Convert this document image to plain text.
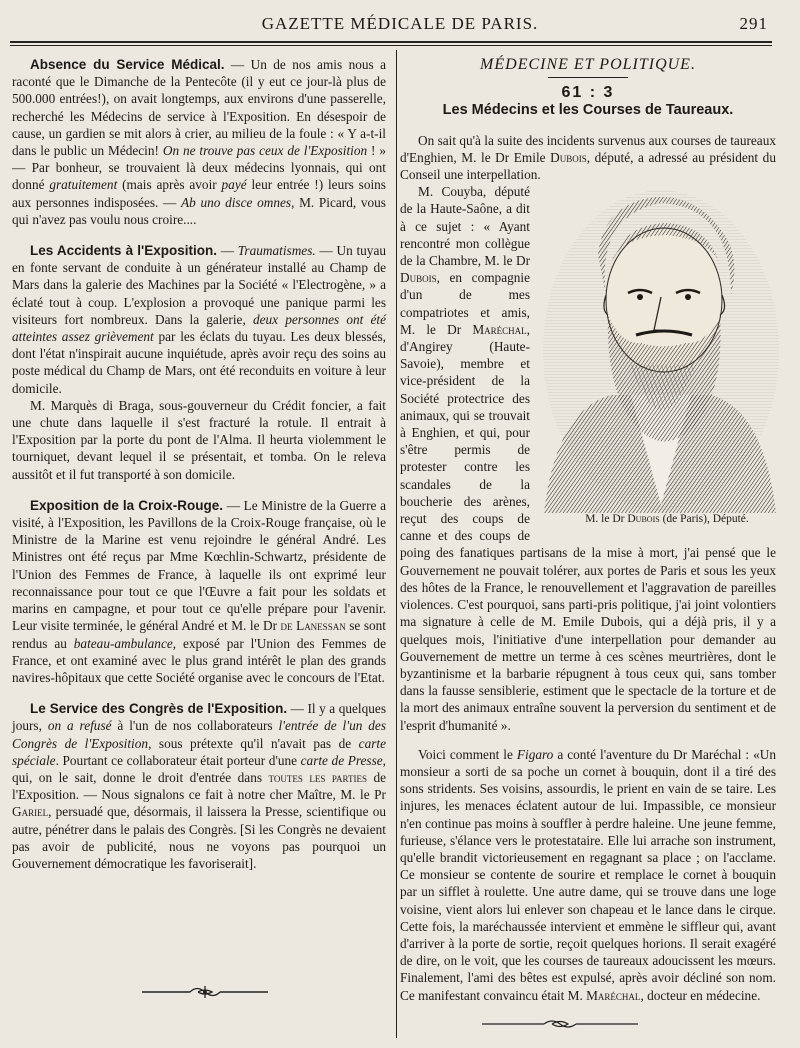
GAZETTE MÉDICALE DE PARIS.	291

Absence du Service Médical. — Un de nos amis nous a raconté que le Dimanche de la Pentecôte (il y eut ce jour-là plus de 500.000 entrées!), on avait longtemps, aux environs d'une passerelle, recherché les Médecins de service à l'Exposition. En désespoir de cause, un gardien se mit alors à crier, au milieu de la foule : « Y a-t-il dans le public un Médecin! On ne trouve pas ceux de l'Exposition ! » — Par bonheur, se trouvaient là deux médecins lyonnais, qui ont donné gratuitement (mais après avoir payé leur entrée !) leurs soins aux personnes indisposées. — Ab uno disce omnes, M. Picard, vous qui n'avez pas voulu nous croire....

Les Accidents à l'Exposition. — Traumatismes. — Un tuyau en fonte servant de conduite à un générateur installé au Champ de Mars dans la galerie des Machines par la Société « l'Electrogène, » a éclaté tout à coup. L'explosion a provoqué une panique parmi les visiteurs fort nombreux. Dans la galerie, deux personnes ont été atteintes assez grièvement par les éclats du tuyau. Les deux blessés, dont l'état n'inspirait aucune inquiétude, après avoir reçu des soins au poste médical du Champ de Mars, ont été reconduits en voiture à leur domicile.

M. Marquès di Braga, sous-gouverneur du Crédit foncier, a fait une chute dans laquelle il s'est fracturé la rotule. Il entrait à l'Exposition par la porte du pont de l'Alma. Il heurta violemment le tourniquet, devant lequel il se présentait, et tomba. On le releva aussitôt et il fut transporté à son domicile.

Exposition de la Croix-Rouge. — Le Ministre de la Guerre a visité, à l'Exposition, les Pavillons de la Croix-Rouge française, où le Ministre de la Marine est venu rejoindre le général André. Les Ministres ont été reçus par Mme Kœchlin-Schwartz, présidente de l'Union des Femmes de France, à laquelle ils ont exprimé leur reconnaissance pour tout ce que l'Œuvre a fait pour les soldats et marins en campagne, et pour tout ce qu'elle prépare pour l'avenir. Leur visite terminée, le général André et M. le Dr de Lanessan se sont rendus au bateau-ambulance, exposé par l'Union des Femmes de France, et ont examiné avec le plus grand intérêt le plan des grands navires-hôpitaux que cette Société organise avec le concours de l'Etat.

Le Service des Congrès de l'Exposition. — Il y a quelques jours, on a refusé à l'un de nos collaborateurs l'entrée de l'un des Congrès de l'Exposition, sous prétexte qu'il n'avait pas de carte spéciale. Pourtant ce collaborateur était porteur d'une carte de Presse, qui, on le sait, donne le droit d'entrée dans toutes les parties de l'Exposition. — Nous signalons ce fait à notre cher Maître, M. le Pr Gariel, persuadé que, désormais, il laissera la Presse, scientifique ou autre, pénétrer dans le palais des Congrès. [Si les Congrès ne devaient pas avoir de publicité, nous ne voyons pas pourquoi un Gouvernement démocratique les favoriserait].

MÉDECINE ET POLITIQUE.
61 : 3
Les Médecins et les Courses de Taureaux.

On sait qu'à la suite des incidents survenus aux courses de taureaux d'Enghien, M. le Dr Emile Dubois, député, a adressé au président du Conseil une interpellation.

M. le Dr Dubois (de Paris), Député.
M. Couyba, député de la Haute-Saône, a dit à ce sujet : « Ayant rencontré mon collègue de la Chambre, M. le Dr Dubois, en compagnie d'un de mes compatriotes et amis, M. le Dr Maréchal, d'Angirey (Haute-Savoie), membre et vice-président de la Société protectrice des animaux, qui se trouvait à Enghien, et qui, pour s'être permis de protester contre les scandales de la boucherie des arènes, reçut des coups de canne et des coups de poing des fanatiques partisans de la mise à mort, j'ai pensé que le Gouvernement ne pouvait tolérer, aux portes de Paris et sous les yeux des hôtes de la France, le renouvellement et l'aggravation de pareilles violences. C'est pourquoi, sans parti-pris politique, j'ai joint volontiers ma signature à celle de M. Emile Dubois, qui a déjà pris, il y a quelques mois, l'initiative d'une interpellation pour demander au Gouvernement de mettre un terme à ces scènes meurtrières, dont le byzantinisme et la barbarie répugnent à tous ceux qui, sans tomber dans la fausse sensiblerie, estiment que le spectacle de la torture et de la mort des animaux entraîne souvent la perversion du sentiment et de l'esprit d'humanité ».

Voici comment le Figaro a conté l'aventure du Dr Maréchal : «Un monsieur a sorti de sa poche un cornet à bouquin, dont il a tiré des sons stridents. Ses voisins, assourdis, le prient en vain de se taire. Les injures, les menaces éclatent autour de lui. Impassible, ce monsieur n'en continue pas moins à souffler à perdre haleine. Une jeune femme, furieuse, s'élance vers le protestataire. Elle lui arrache son instrument, qu'elle brandit victorieusement en regagnant sa place ; on l'acclame. Ce monsieur se contente de sourire et remplace le cornet à bouquin par un sifflet à roulette. Une autre dame, qui se trouve dans une loge voisine, vient alors lui enlever son chapeau et le lance dans le cirque. Cette fois, la maréchaussée intervient et emmène le siffleur qui, avant d'arriver à la porte de sortie, reçoit quelques horions. Il serait exagéré de dire, on le voit, que les courses de taureaux adoucissent les mœurs. Finalement, l'ami des bêtes est expulsé, après avoir décliné son nom. Ce manifestant convaincu était M. Maréchal, docteur en médecine.
